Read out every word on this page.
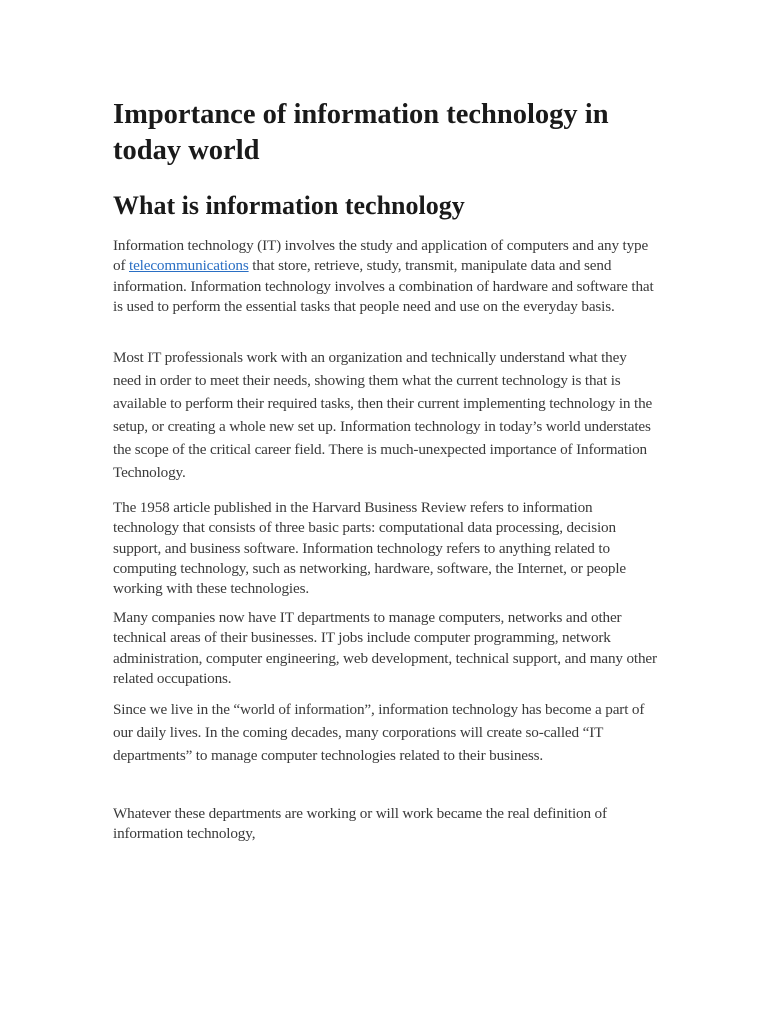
Importance of information technology in today world
What is information technology

Information technology (IT) involves the study and application of computers and any type of telecommunications that store, retrieve, study, transmit, manipulate data and send information. Information technology involves a combination of hardware and software that is used to perform the essential tasks that people need and use on the everyday basis.

Most IT professionals work with an organization and technically understand what they need in order to meet their needs, showing them what the current technology is that is available to perform their required tasks, then their current implementing technology in the setup, or creating a whole new set up. Information technology in today’s world understates the scope of the critical career field. There is much-unexpected importance of Information Technology.

The 1958 article published in the Harvard Business Review refers to information technology that consists of three basic parts: computational data processing, decision support, and business software. Information technology refers to anything related to computing technology, such as networking, hardware, software, the Internet, or people working with these technologies.

Many companies now have IT departments to manage computers, networks and other technical areas of their businesses. IT jobs include computer programming, network administration, computer engineering, web development, technical support, and many other related occupations.

Since we live in the “world of information”, information technology has become a part of our daily lives. In the coming decades, many corporations will create so-called “IT departments” to manage computer technologies related to their business.

Whatever these departments are working or will work became the real definition of information technology,
